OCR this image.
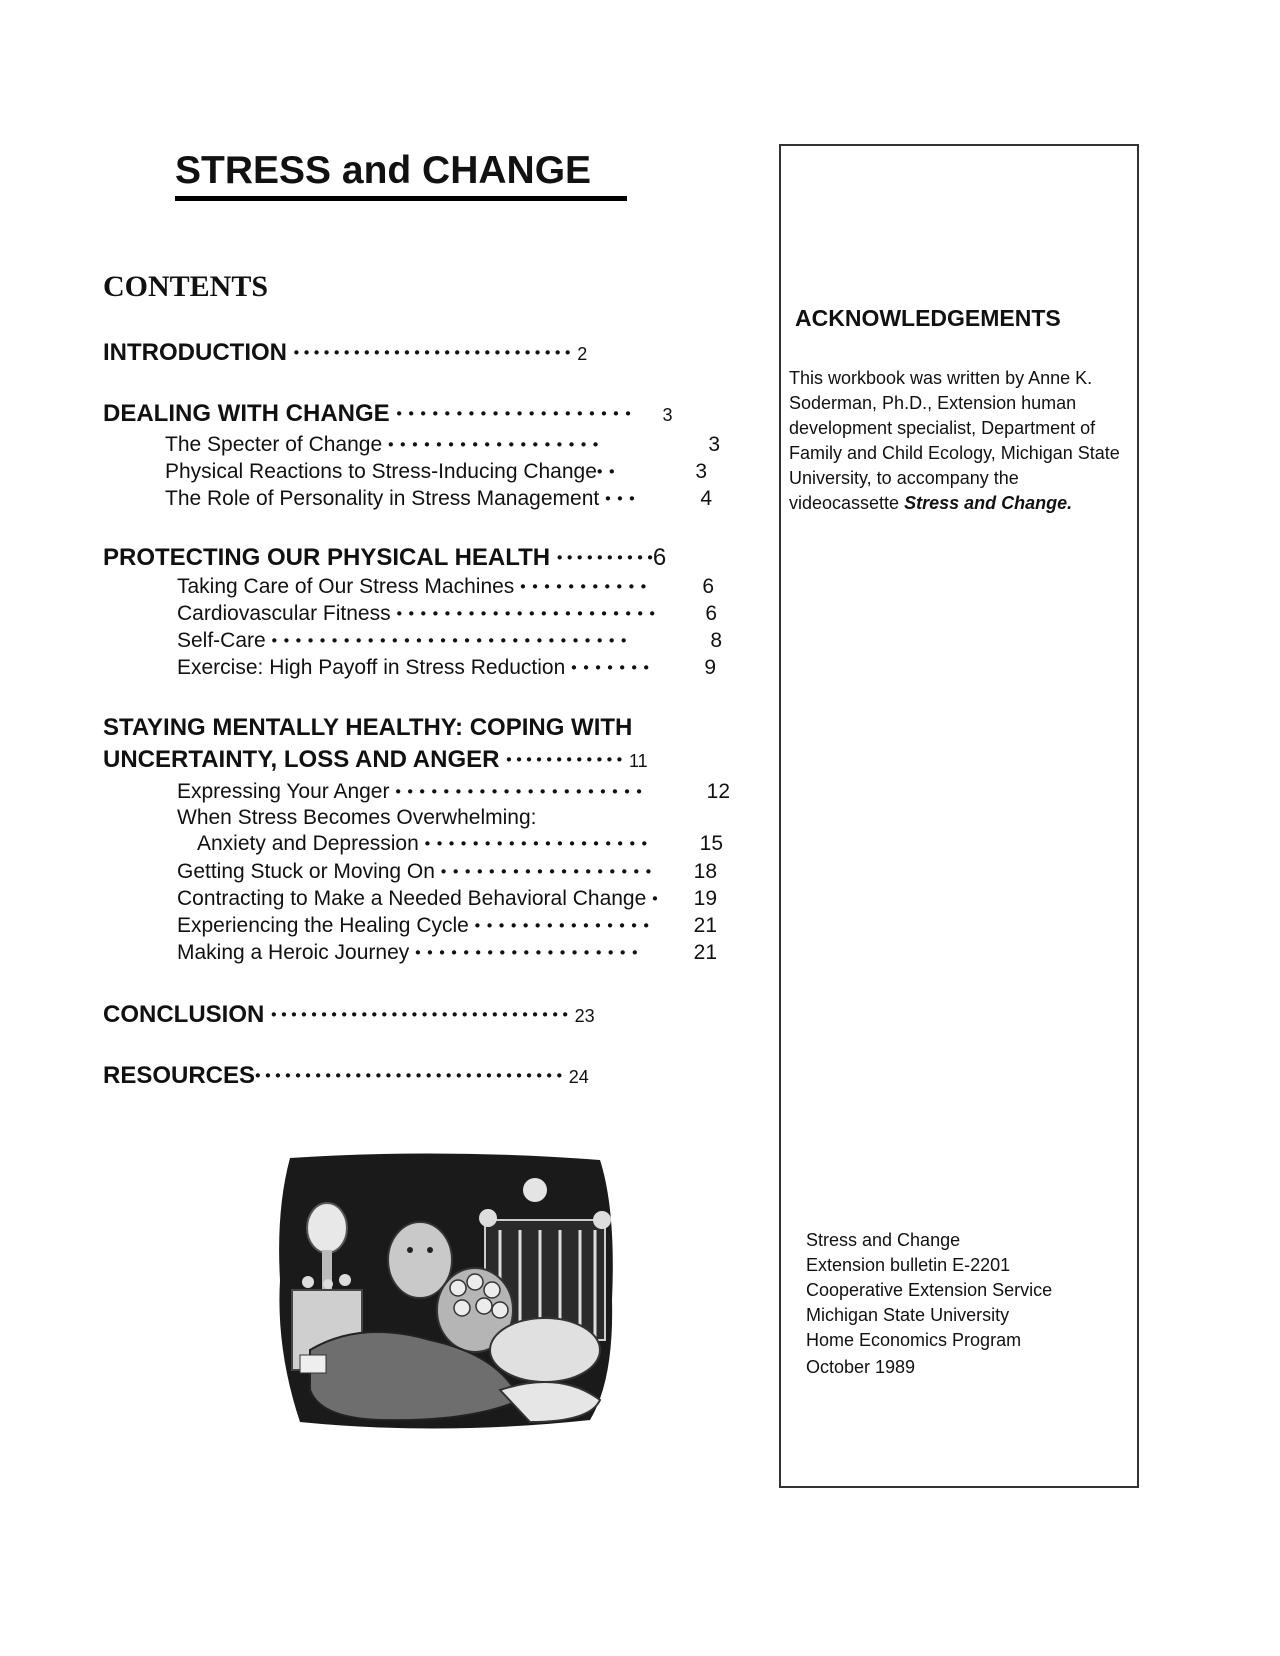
STRESS and CHANGE
CONTENTS
INTRODUCTION • • • • • • • • • • • • • • • • • • • • • • • • • • • • 2
DEALING WITH CHANGE • • • • • • • • • • • • • • • • • • • • 3
The Specter of Change • • • • • • • • • • • • • • • • • •	3
Physical Reactions to Stress-Inducing Change• •	3
The Role of Personality in Stress Management • • •	4
PROTECTING OUR PHYSICAL HEALTH • • • • • • • • • •6
Taking Care of Our Stress Machines • • • • • • • • • • •	6
Cardiovascular Fitness • • • • • • • • • • • • • • • • • • • • • •	6
Self-Care • • • • • • • • • • • • • • • • • • • • • • • • • • • • • •	8
Exercise: High Payoff in Stress Reduction • • • • • • •	9
STAYING MENTALLY HEALTHY: COPING WITH
UNCERTAINTY, LOSS AND ANGER • • • • • • • • • • • • 11
Expressing Your Anger • • • • • • • • • • • • • • • • • • • • •	12
When Stress Becomes Overwhelming:
Anxiety and Depression • • • • • • • • • • • • • • • • • • •	15
Getting Stuck or Moving On • • • • • • • • • • • • • • • • • •	18
Contracting to Make a Needed Behavioral Change •	19
Experiencing the Healing Cycle • • • • • • • • • • • • • • •	21
Making a Heroic Journey • • • • • • • • • • • • • • • • • • •	21
CONCLUSION • • • • • • • • • • • • • • • • • • • • • • • • • • • • • • 23
RESOURCES• • • • • • • • • • • • • • • • • • • • • • • • • • • • • • • 24
ACKNOWLEDGEMENTS
This workbook was written by Anne K. Soderman, Ph.D., Extension human development specialist, Department of Family and Child Ecology, Michigan State University, to accompany the videocassette Stress and Change.
Stress and Change
Extension bulletin E-2201
Cooperative Extension Service
Michigan State University
Home Economics Program
October 1989
